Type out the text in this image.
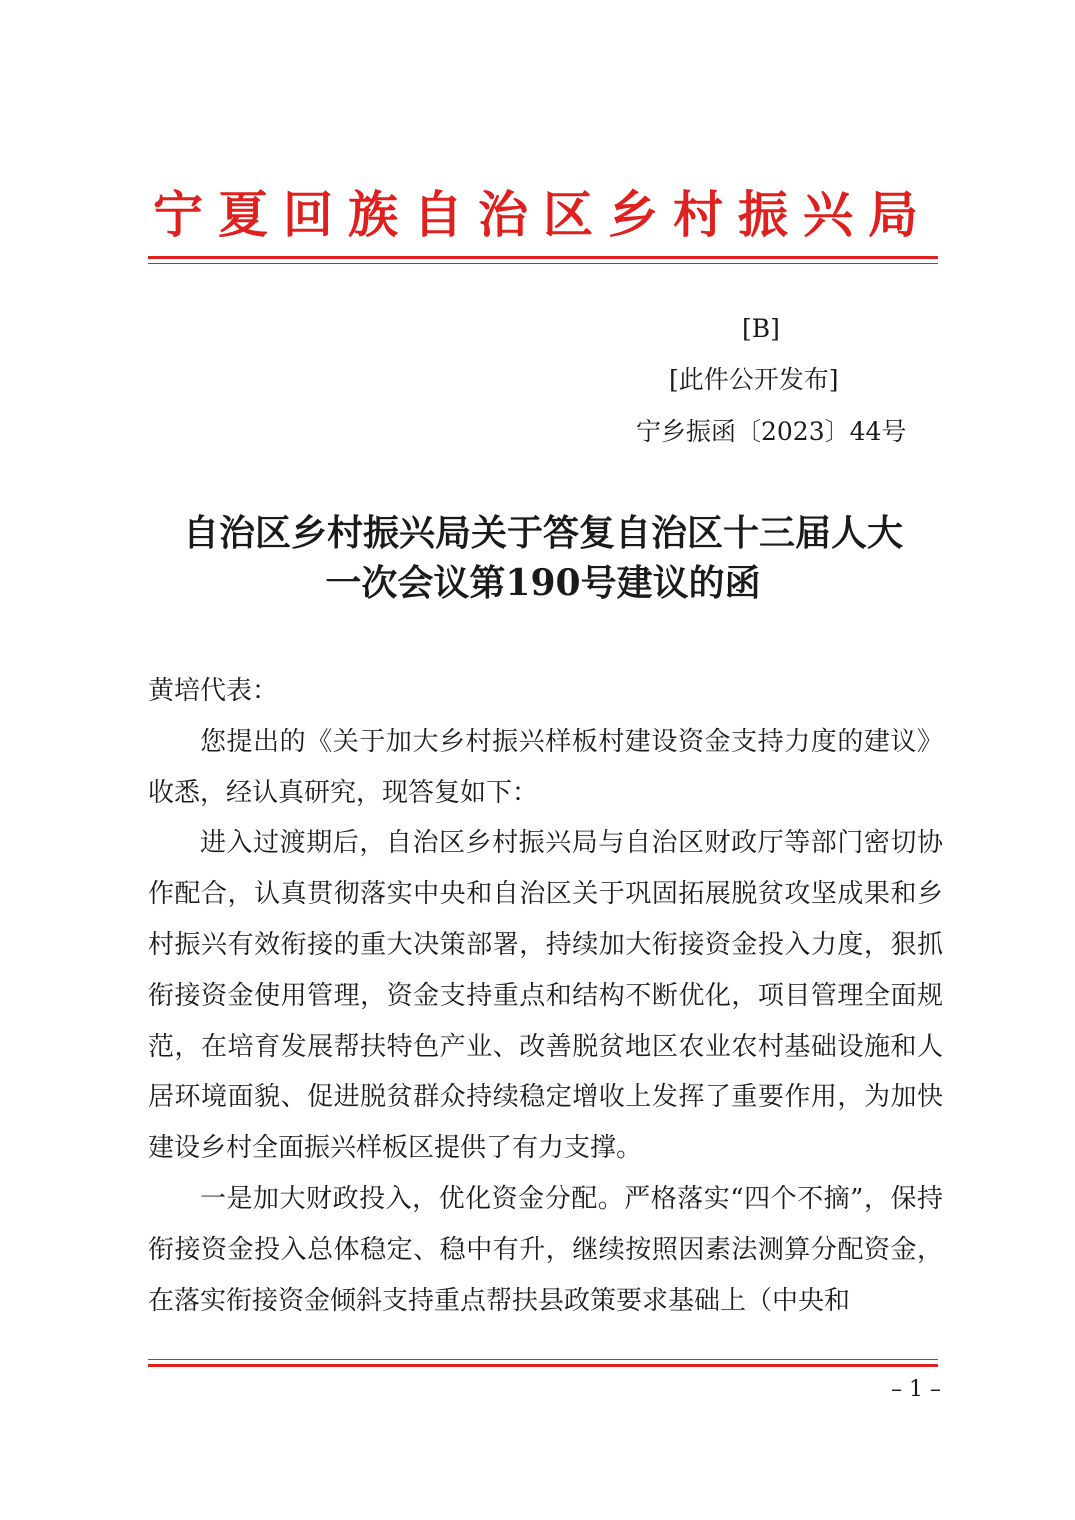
宁夏回族自治区乡村振兴局
[B]
[此件公开发布]
宁乡振函〔2023〕44号
自治区乡村振兴局关于答复自治区十三届人大
一次会议第190号建议的函

黄培代表：

您提出的《关于加大乡村振兴样板村建设资金支持力度的建议》收悉，经认真研究，现答复如下：

进入过渡期后，自治区乡村振兴局与自治区财政厅等部门密切协作配合，认真贯彻落实中央和自治区关于巩固拓展脱贫攻坚成果和乡村振兴有效衔接的重大决策部署，持续加大衔接资金投入力度，狠抓衔接资金使用管理，资金支持重点和结构不断优化，项目管理全面规范，在培育发展帮扶特色产业、改善脱贫地区农业农村基础设施和人居环境面貌、促进脱贫群众持续稳定增收上发挥了重要作用，为加快建设乡村全面振兴样板区提供了有力支撑。

一是加大财政投入，优化资金分配。严格落实“四个不摘”，保持衔接资金投入总体稳定、稳中有升，继续按照因素法测算分配资金，在落实衔接资金倾斜支持重点帮扶县政策要求基础上（中央和

– 1 –
